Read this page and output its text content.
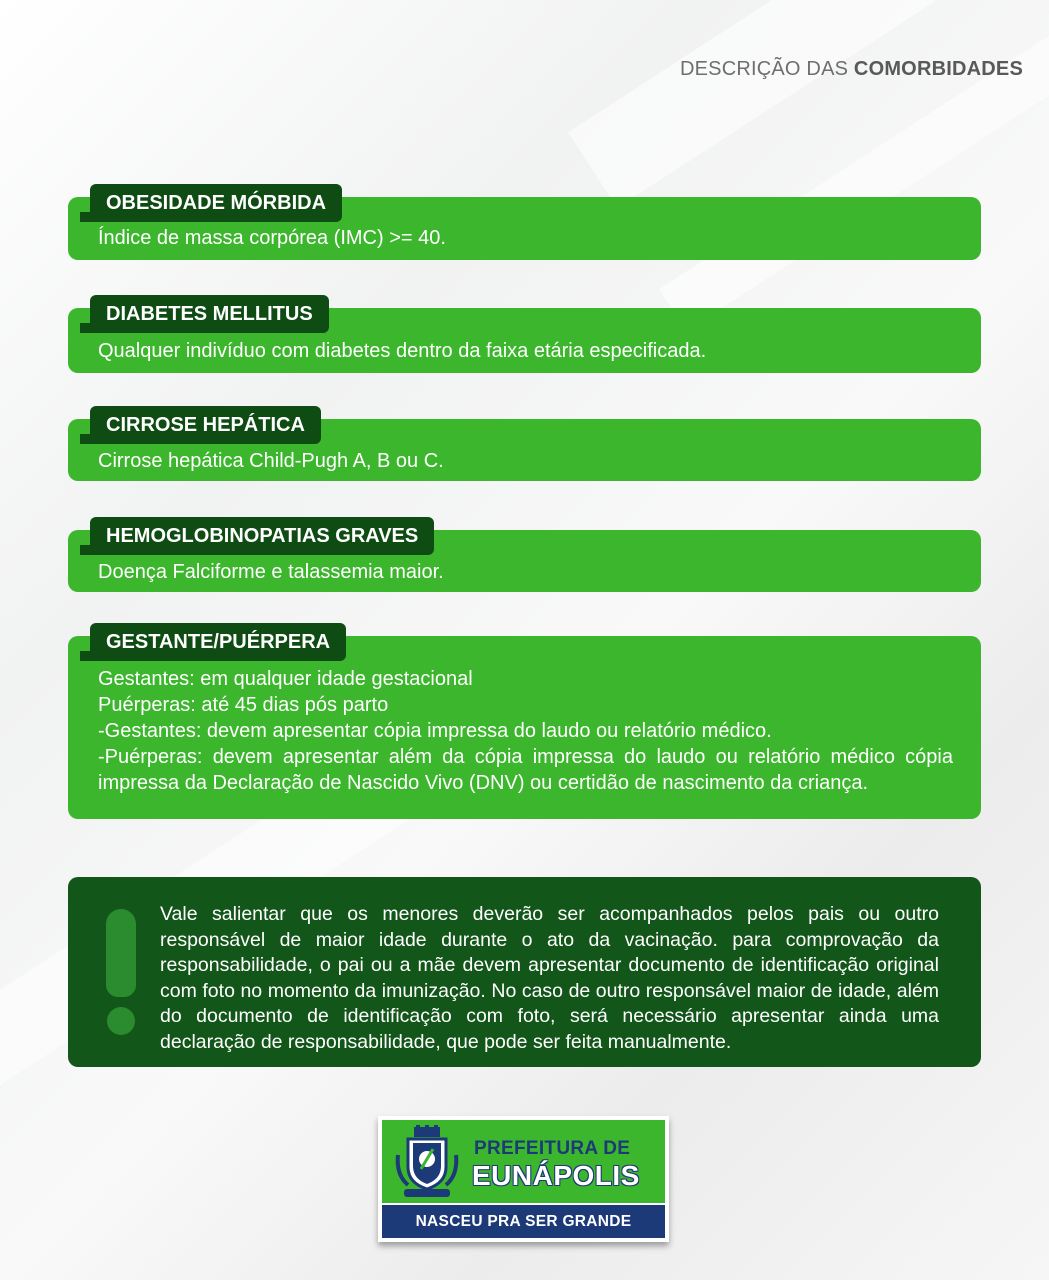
DESCRIÇÃO DAS COMORBIDADES
Índice de massa corpórea (IMC) >= 40.
OBESIDADE MÓRBIDA
Qualquer indivíduo com diabetes dentro da faixa etária especificada.
DIABETES MELLITUS
Cirrose hepática Child-Pugh A, B ou C.
CIRROSE HEPÁTICA
Doença Falciforme e talassemia maior.
HEMOGLOBINOPATIAS GRAVES
Gestantes: em qualquer idade gestacional
Puérperas: até 45 dias pós parto
-Gestantes: devem apresentar cópia impressa do laudo ou relatório médico.
-Puérperas: devem apresentar além da cópia impressa do laudo ou relatório médico cópia impressa da Declaração de Nascido Vivo (DNV) ou certidão de nascimento da criança.
GESTANTE/PUÉRPERA
Vale salientar que os menores deverão ser acompanhados pelos pais ou outro responsável de maior idade durante o ato da vacinação. para comprovação da responsabilidade, o pai ou a mãe devem apresentar documento de identificação original com foto no momento da imunização. No caso de outro responsável maior de idade, além do documento de identificação com foto, será necessário apresentar ainda uma declaração de responsabilidade, que pode ser feita manualmente.
PREFEITURA DE
EUNÁPOLIS
NASCEU PRA SER GRANDE
